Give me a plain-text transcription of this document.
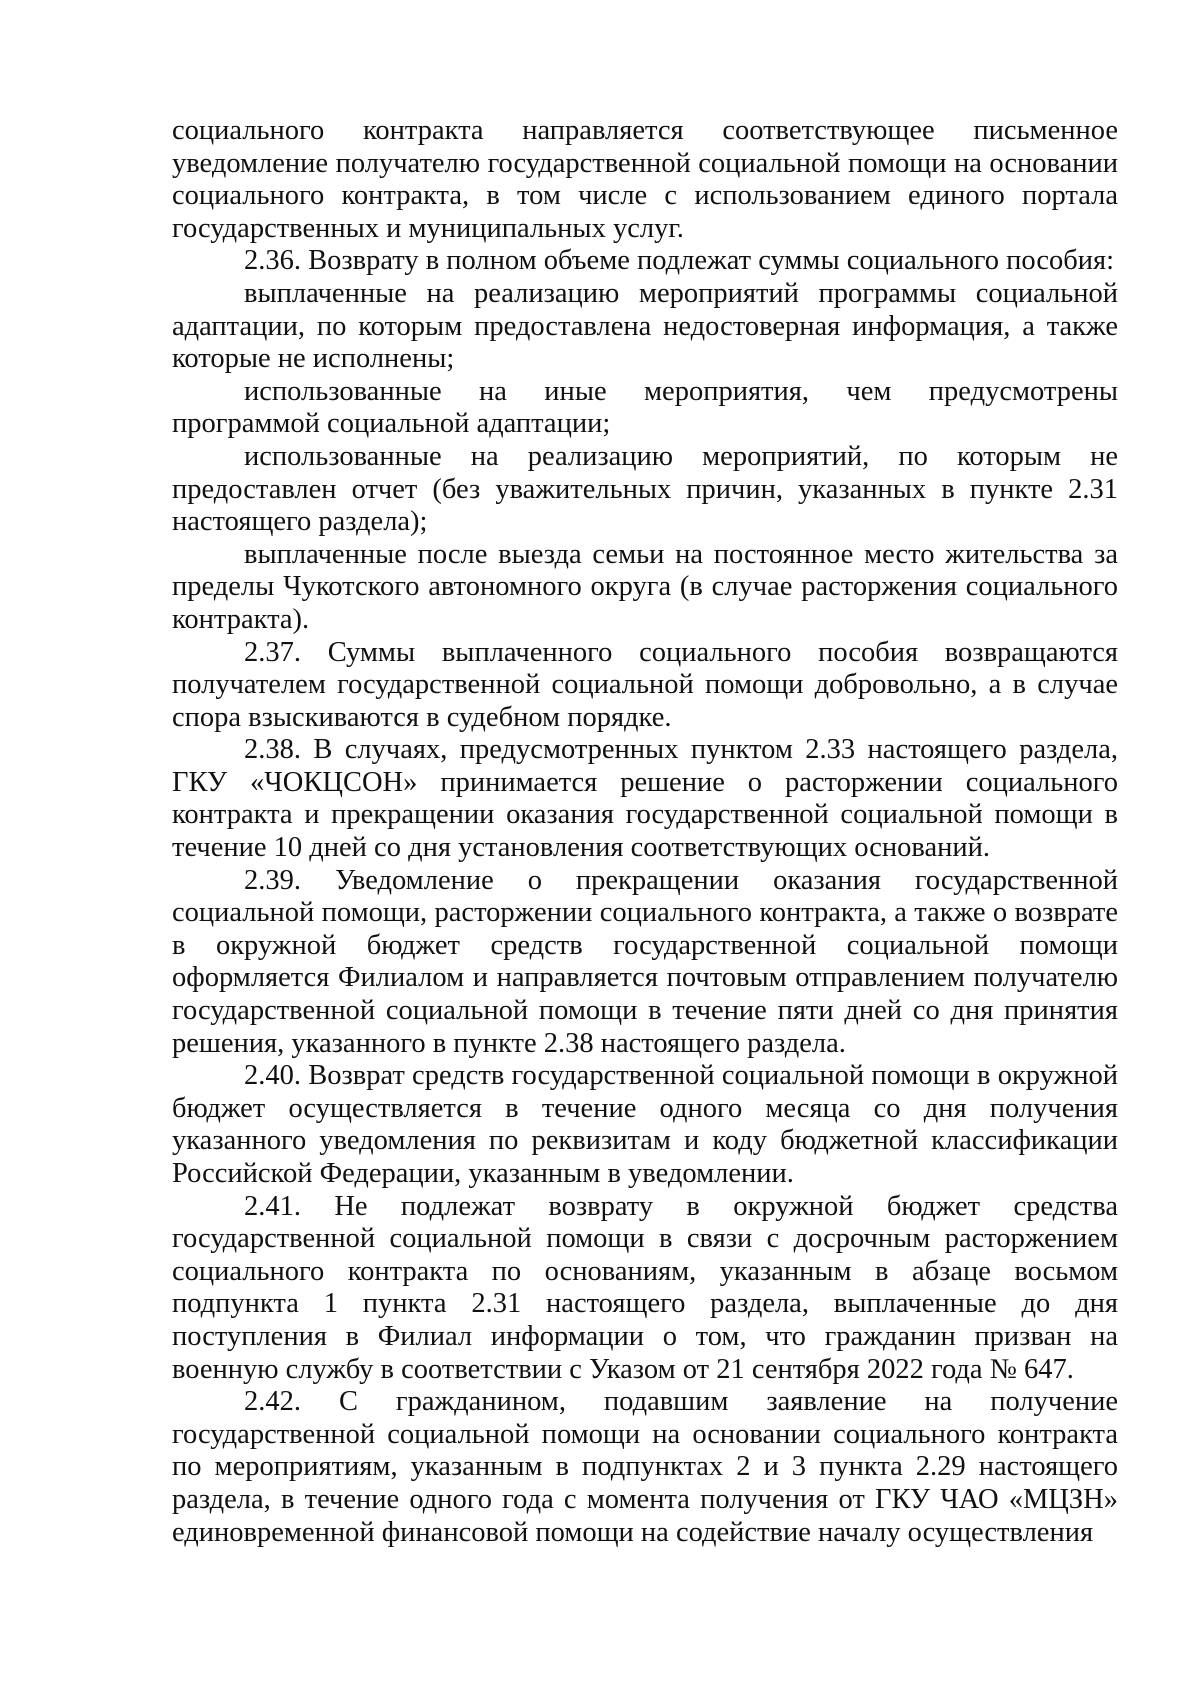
социального контракта направляется соответствующее письменное уведомление получателю государственной социальной помощи на основании социального контракта, в том числе с использованием единого портала государственных и муниципальных услуг.

2.36. Возврату в полном объеме подлежат суммы социального пособия:

выплаченные на реализацию мероприятий программы социальной адаптации, по которым предоставлена недостоверная информация, а также которые не исполнены;

использованные на иные мероприятия, чем предусмотрены программой социальной адаптации;

использованные на реализацию мероприятий, по которым не предоставлен отчет (без уважительных причин, указанных в пункте 2.31 настоящего раздела);

выплаченные после выезда семьи на постоянное место жительства за пределы Чукотского автономного округа (в случае расторжения социального контракта).

2.37. Суммы выплаченного социального пособия возвращаются получателем государственной социальной помощи добровольно, а в случае спора взыскиваются в судебном порядке.

2.38. В случаях, предусмотренных пунктом 2.33 настоящего раздела, ГКУ «ЧОКЦСОН» принимается решение о расторжении социального контракта и прекращении оказания государственной социальной помощи в течение 10 дней со дня установления соответствующих оснований.

2.39. Уведомление о прекращении оказания государственной социальной помощи, расторжении социального контракта, а также о возврате в окружной бюджет средств государственной социальной помощи оформляется Филиалом и направляется почтовым отправлением получателю государственной социальной помощи в течение пяти дней со дня принятия решения, указанного в пункте 2.38 настоящего раздела.

2.40. Возврат средств государственной социальной помощи в окружной бюджет осуществляется в течение одного месяца со дня получения указанного уведомления по реквизитам и коду бюджетной классификации Российской Федерации, указанным в уведомлении.

2.41. Не подлежат возврату в окружной бюджет средства государственной социальной помощи в связи с досрочным расторжением социального контракта по основаниям, указанным в абзаце восьмом подпункта 1 пункта 2.31 настоящего раздела, выплаченные до дня поступления в Филиал информации о том, что гражданин призван на военную службу в соответствии с Указом от 21 сентября 2022 года № 647.

2.42. С гражданином, подавшим заявление на получение государственной социальной помощи на основании социального контракта по мероприятиям, указанным в подпунктах 2 и 3 пункта 2.29 настоящего раздела, в течение одного года с момента получения от ГКУ ЧАО «МЦЗН» единовременной финансовой помощи на содействие началу осуществления
